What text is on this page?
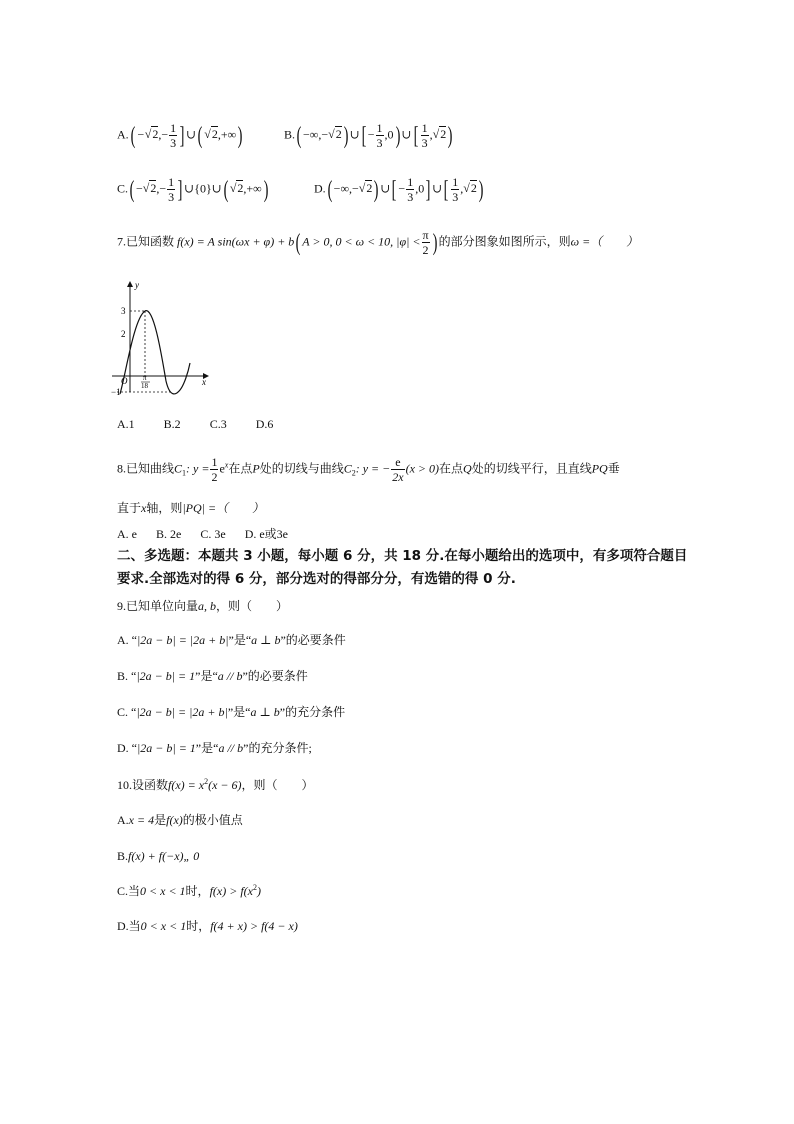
$A.( -√2,- \frac{1}{3}$ ] ∪( √2,+∞)	B.( −∞,−√2) ∪[ − $\frac{1}{3} ,0$) ∪[ $\frac{1}{3} ,√2$)
$C.( -√2,- \frac{1}{3}$ ] ∪{0}∪( √2,+∞)	D.( −∞,−√2) ∪[ − $\frac{1}{3} ,0$] ∪[ $\frac{1}{3} ,√2$)
7.已知函数 f(x) = A sin(ωx + φ) + b( A > 0, 0 < ω < 10, $|\varphi| < \frac{\pi}{2}$ ) 的部分图象如图所示，则ω =（　　）
y
x
3
2
−1
O π
18
A.1 B.2 C.3 D.6
8.已知曲线$C_1$: $y = \frac{1}{2} e^x$在点P处的切线与曲线$C_2$: y = − $\frac{e}{2x} (x > 0)$在点Q处的切线平行，且直线PQ垂
直于x轴，则|PQ| =（　　）
A. e B. 2e C. 3e D. e或3e
二、多选题：本题共 3 小题，每小题 6 分，共 18 分.在每小题给出的选项中，有多项符合题目
要求.全部选对的得 6 分，部分选对的得部分分，有选错的得 0 分.
9.已知单位向量a, b，则（　　）
A. “|2a − b| = |2a + b|”是“a ⊥ b”的必要条件
B. “|2a − b| = 1”是“a // b”的必要条件
C. “|2a − b| = |2a + b|”是“a ⊥ b”的充分条件
D. “|2a − b| = 1”是“a // b”的充分条件;
10.设函数$f(x) = x^2(x - 6)$，则（　　）
A.x = 4是f(x)的极小值点
B.f(x) + f(−x)„ 0
C.当0 < x < 1时，$f(x) > f(x^2)$
D.当0 < x < 1时，f(4 + x) > f(4 − x)
